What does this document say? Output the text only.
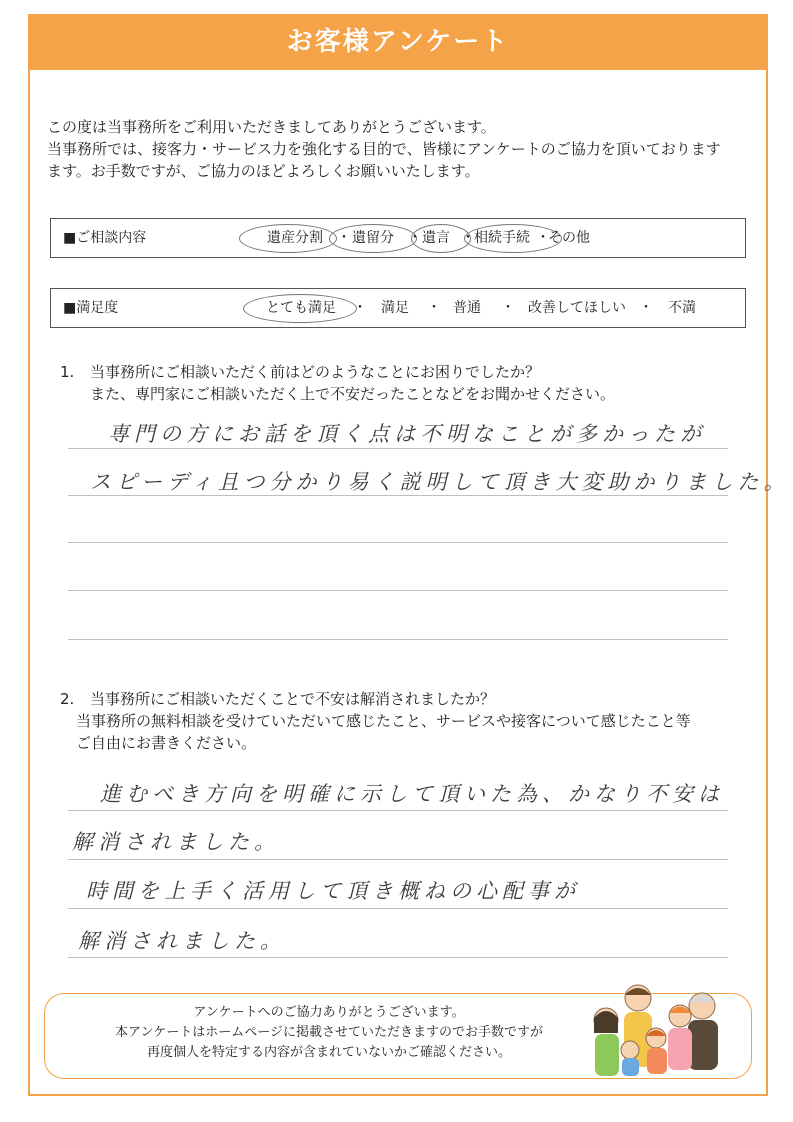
お客様アンケート

この度は当事務所をご利用いただきましてありがとうございます。

当事務所では、接客力・サービス力を強化する目的で、皆様にアンケートのご協力を頂いております

ます。お手数ですが、ご協力のほどよろしくお願いいたします。

■ご相談内容	遺産分割 ・ 遺留分 ・ 遺言 ・ 相続手続 ・
その他
■満足度	とても満足 ・ 満足 ・ 普通 ・ 改善してほしい ・ 不満
1. 当事務所にご相談いただく前はどのようなことにお困りでしたか？
また、専門家にご相談いただく上で不安だったことなどをお聞かせください。
専門の方にお話を頂く点は不明なことが多かったが
スピーディ且つ分かり易く説明して頂き大変助かりました。
2. 当事務所にご相談いただくことで不安は解消されましたか？
当事務所の無料相談を受けていただいて感じたこと、サービスや接客について感じたこと等
ご自由にお書きください。
進むべき方向を明確に示して頂いた為、かなり不安は
解消されました。
時間を上手く活用して頂き概ねの心配事が
解消されました。
アンケートへのご協力ありがとうございます。
本アンケートはホームページに掲載させていただきますのでお手数ですが
再度個人を特定する内容が含まれていないかご確認ください。
